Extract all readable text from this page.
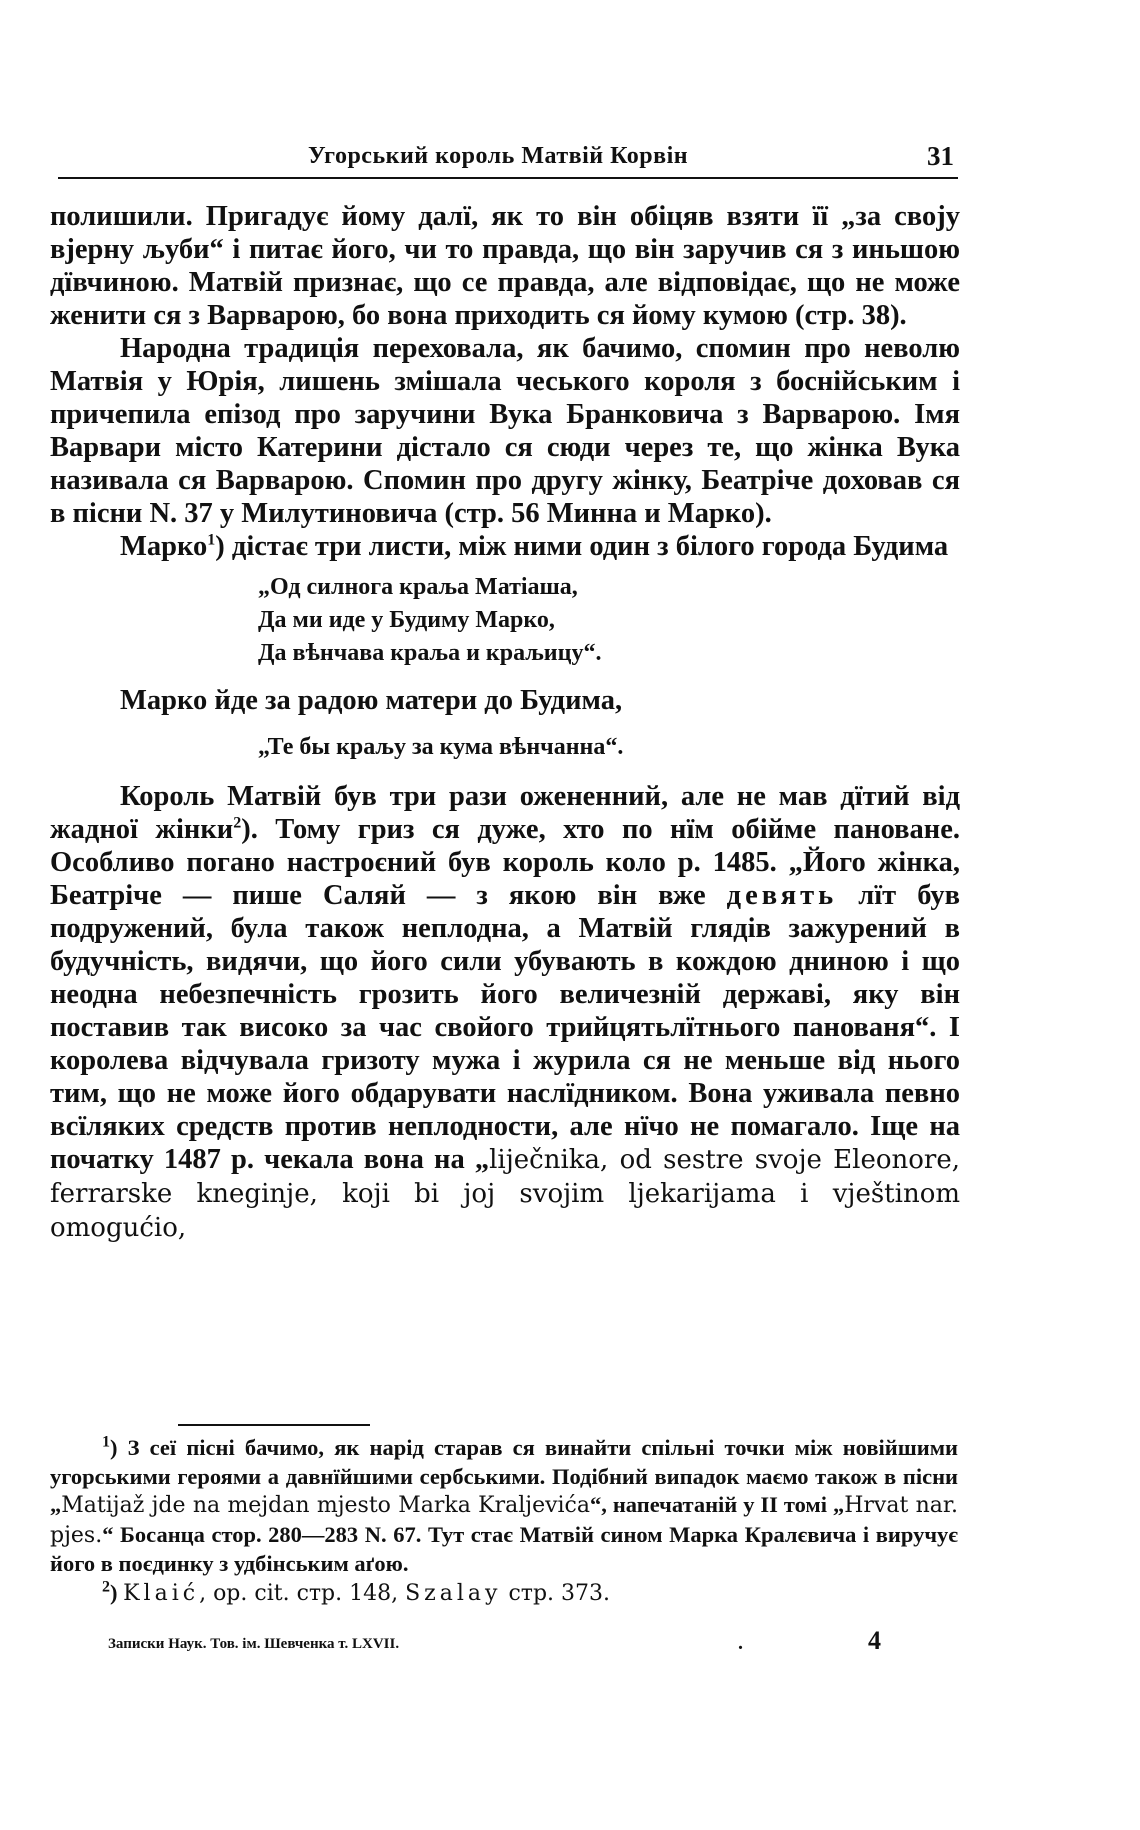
Угорський король Матвій Корвін	31

полишили. Пригадує йому далї, як то він обіцяв взяти її „за своју вјерну љуби“ і питає його, чи то правда, що він заручив ся з иньшою дївчиною. Матвій признає, що се правда, але відповідає, що не може женити ся з Варварою, бо вона приходить ся йому кумою (стр. 38).

Народна традиція переховала, як бачимо, спомин про неволю Матвія у Юрія, лишень змішала чеського короля з боснійським і причепила епізод про заручини Вука Бранковича з Варварою. Імя Варвари місто Катерини дістало ся сюди через те, що жінка Вука називала ся Варварою. Спомин про другу жінку, Беатріче доховав ся в пісни N. 37 у Милутиновича (стр. 56 Минна и Марко).

Марко$^1$) дістає три листи, між ними один з білого города Будима

„Од силнога краља Матіаша,
Да ми иде у Будиму Марко,
Да вѣнчава краља и краљицу“.

Марко йде за радою матери до Будима,

„Те бы краљу за кума вѣнчанна“.

Король Матвій був три рази ожененний, але не мав дїтий від жадної жінки$^2$). Тому гриз ся дуже, хто по нїм обійме пановане. Особливо погано настроєний був король коло р. 1485. „Його жінка, Беатріче — пише Саляй — з якою він вже девять лїт був подружений, була також неплодна, а Матвій глядів зажурений в будучність, видячи, що його сили убувають в кождою дниною і що неодна небезпечність грозить його величезній державі, яку він поставив так високо за час свойого трийцятьлїтнього панованя“. І королева відчувала гризоту мужа і журила ся не меньше від нього тим, що не може його обдарувати наслїдником. Вона уживала певно всїляких средств против неплодности, але нїчо не помагало. Іще на початку 1487 р. чекала вона на „liječnika, od sestre svoje Eleonore, ferrarske kneginje, koji bi joj svojim ljekarijama i vještinom omogućio,

$^1$) З сеї пісні бачимо, як нарід старав ся винайти спільні точки між новійшими угорськими героями а давнїйшими сербськими. Подібний випадок маємо також в пісни „Matijaž jde na mejdan mjesto Marka Kraljevića“, напечатаній у II томі „Hrvat nar. pjes.“ Босанца стор. 280—283 N. 67. Тут стає Матвій сином Марка Кралєвича і виручує його в поєдинку з удбінським аґою.

$^2$) Klaić, op. cit. стр. 148, Szalay стр. 373.

Записки Наук. Тов. ім. Шевченка т. LXVII.	.	4
